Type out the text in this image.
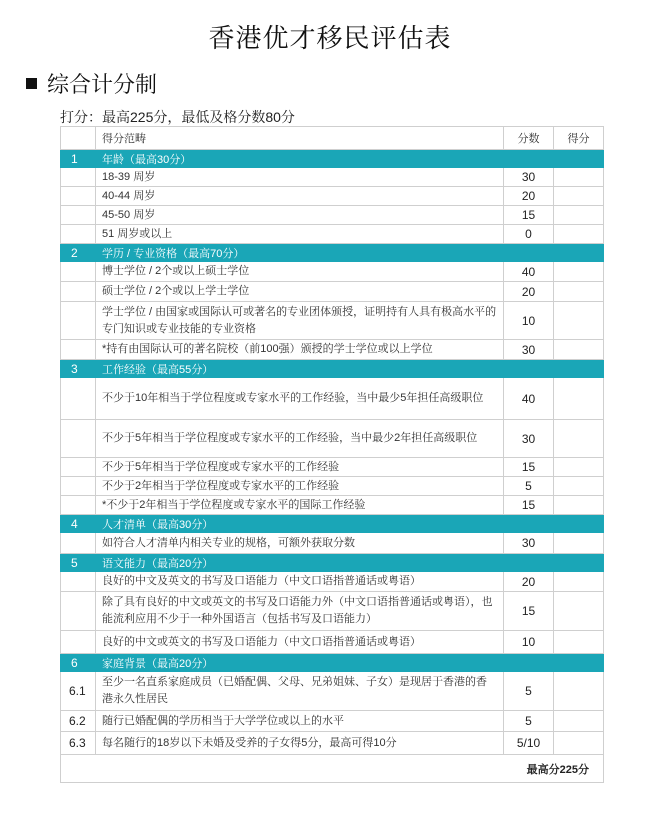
香港优才移民评估表
综合计分制
打分：最高225分，最低及格分数80分
	得分范畴	分数	得分
1	年龄（最高30分）		
	18-39 周岁	30	
	40-44 周岁	20	
	45-50 周岁	15	
	51 周岁或以上	0	
2	学历 / 专业资格（最高70分）		
	博士学位 / 2个或以上硕士学位	40	
	硕士学位 / 2个或以上学士学位	20	
	学士学位 / 由国家或国际认可或著名的专业团体颁授，证明持有人具有极高水平的专门知识或专业技能的专业资格	10	
	*持有由国际认可的著名院校（前100强）颁授的学士学位或以上学位	30	
3	工作经验（最高55分）		
	不少于10年相当于学位程度或专家水平的工作经验，当中最少5年担任高级职位	40	
	不少于5年相当于学位程度或专家水平的工作经验，当中最少2年担任高级职位	30	
	不少于5年相当于学位程度或专家水平的工作经验	15	
	不少于2年相当于学位程度或专家水平的工作经验	5	
	*不少于2年相当于学位程度或专家水平的国际工作经验	15	
4	人才清单（最高30分）		
	如符合人才清单内相关专业的规格，可额外获取分数	30	
5	语文能力（最高20分）		
	良好的中文及英文的书写及口语能力（中文口语指普通话或粤语）	20	
	除了具有良好的中文或英文的书写及口语能力外（中文口语指普通话或粤语），也能流利应用不少于一种外国语言（包括书写及口语能力）	15	
	良好的中文或英文的书写及口语能力（中文口语指普通话或粤语）	10	
6	家庭背景（最高20分）		
6.1	至少一名直系家庭成员（已婚配偶、父母、兄弟姐妹、子女）是现居于香港的香港永久性居民	5	
6.2	随行已婚配偶的学历相当于大学学位或以上的水平	5	
6.3	每名随行的18岁以下未婚及受养的子女得5分，最高可得10分	5/10	
最高分225分			
